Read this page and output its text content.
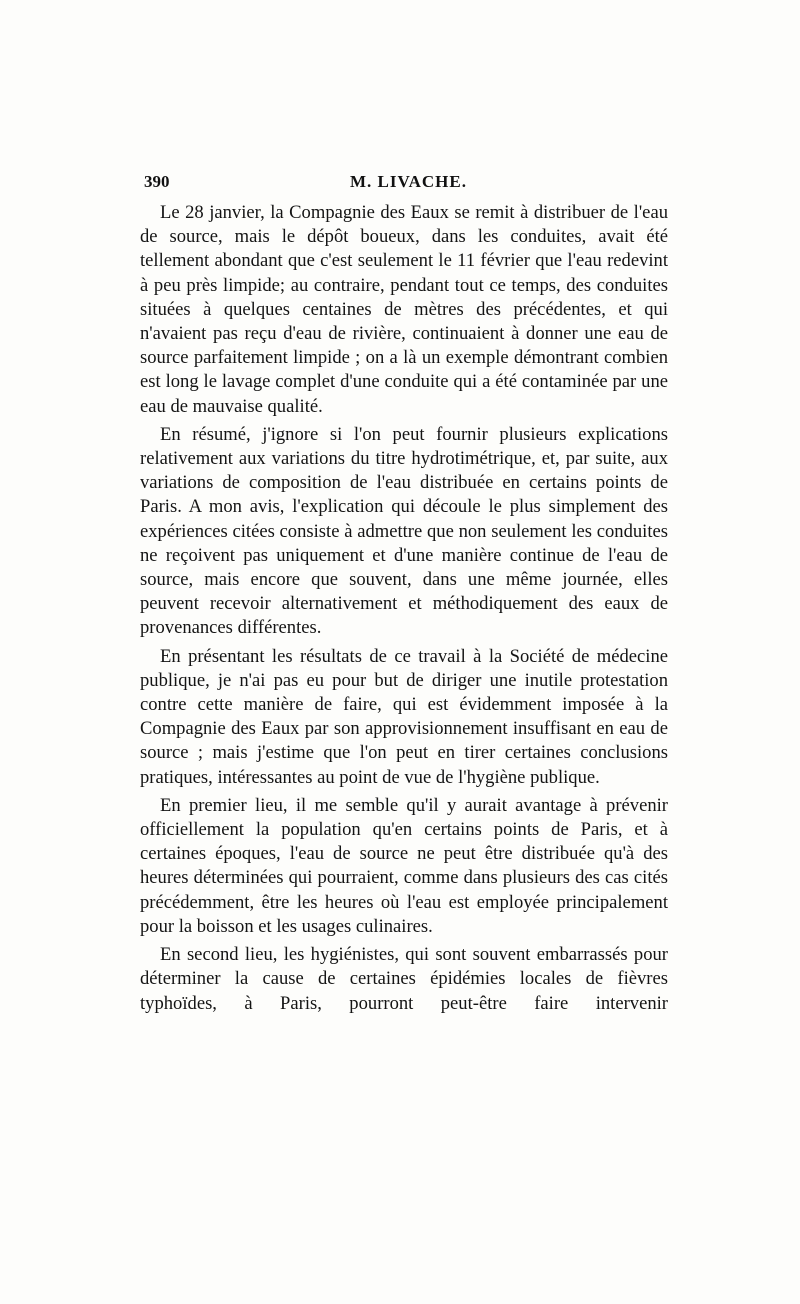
390	M. LIVACHE.

Le 28 janvier, la Compagnie des Eaux se remit à distribuer de l'eau de source, mais le dépôt boueux, dans les conduites, avait été tellement abondant que c'est seulement le 11 février que l'eau redevint à peu près limpide; au contraire, pendant tout ce temps, des conduites situées à quelques centaines de mètres des précédentes, et qui n'avaient pas reçu d'eau de rivière, continuaient à donner une eau de source parfaitement limpide ; on a là un exemple démontrant combien est long le lavage complet d'une conduite qui a été contaminée par une eau de mauvaise qualité.

En résumé, j'ignore si l'on peut fournir plusieurs explications relativement aux variations du titre hydrotimétrique, et, par suite, aux variations de composition de l'eau distribuée en certains points de Paris. A mon avis, l'explication qui découle le plus simplement des expériences citées consiste à admettre que non seulement les conduites ne reçoivent pas uniquement et d'une manière continue de l'eau de source, mais encore que souvent, dans une même journée, elles peuvent recevoir alternativement et méthodiquement des eaux de provenances différentes.

En présentant les résultats de ce travail à la Société de médecine publique, je n'ai pas eu pour but de diriger une inutile protestation contre cette manière de faire, qui est évidemment imposée à la Compagnie des Eaux par son approvisionnement insuffisant en eau de source ; mais j'estime que l'on peut en tirer certaines conclusions pratiques, intéressantes au point de vue de l'hygiène publique.

En premier lieu, il me semble qu'il y aurait avantage à prévenir officiellement la population qu'en certains points de Paris, et à certaines époques, l'eau de source ne peut être distribuée qu'à des heures déterminées qui pourraient, comme dans plusieurs des cas cités précédemment, être les heures où l'eau est employée principalement pour la boisson et les usages culinaires.

En second lieu, les hygiénistes, qui sont souvent embarrassés pour déterminer la cause de certaines épidémies locales de fièvres typhoïdes, à Paris, pourront peut-être faire intervenir
